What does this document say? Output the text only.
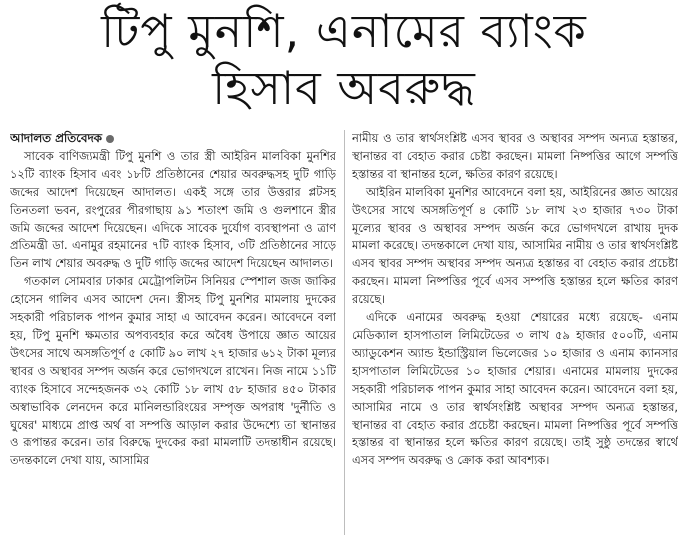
টিপু মুনশি, এনামের ব্যাংক
হিসাব অবরুদ্ধ
আদালত প্রতিবেদক

সাবেক বাণিজ্যমন্ত্রী টিপু মুনশি ও তার স্ত্রী আইরিন মালবিকা মুনশির ১২টি ব্যাংক হিসাব এবং ১৮টি প্রতিষ্ঠানের শেয়ার অবরুদ্ধসহ দুটি গাড়ি জব্দের আদেশ দিয়েছেন আদালত। একই সঙ্গে তার উত্তরার প্লটসহ তিনতলা ভবন, রংপুরের পীরগাছায় ৯১ শতাংশ জমি ও গুলশানে স্ত্রীর জমি জব্দের আদেশ দিয়েছেন। এদিকে সাবেক দুর্যোগ ব্যবস্থাপনা ও ত্রাণ প্রতিমন্ত্রী ডা. এনামুর রহমানের ৭টি ব্যাংক হিসাব, ৩টি প্রতিষ্ঠানের সাড়ে তিন লাখ শেয়ার অবরুদ্ধ ও দুটি গাড়ি জব্দের আদেশ দিয়েছেন আদালত।

গতকাল সোমবার ঢাকার মেট্রোপলিটন সিনিয়র স্পেশাল জজ জাকির হোসেন গালিব এসব আদেশ দেন। স্ত্রীসহ টিপু মুনশির মামলায় দুদকের সহকারী পরিচালক পাপন কুমার সাহা এ আবেদন করেন। আবেদনে বলা হয়, টিপু মুনশি ক্ষমতার অপব্যবহার করে অবৈধ উপায়ে জ্ঞাত আয়ের উৎসের সাথে অসঙ্গতিপূর্ণ ৫ কোটি ৯০ লাখ ২৭ হাজার ৬১২ টাকা মূল্যর স্থাবর ও অস্থাবর সম্পদ অর্জন করে ভোগদখলে রাখেন। নিজ নামে ১১টি ব্যাংক হিসাবে সন্দেহজনক ৩২ কোটি ১৮ লাখ ৫৮ হাজার ৪৫০ টাকার অস্বাভাবিক লেনদেন করে মানিলন্ডারিংয়ের সম্পৃক্ত অপরাধ 'দুর্নীতি ও ঘুষের' মাধ্যমে প্রাপ্ত অর্থ বা সম্পত্তি আড়াল করার উদ্দেশ্যে তা স্থানান্তর ও রূপান্তর করেন। তার বিরুদ্ধে দুদকের করা মামলাটি তদন্তাধীন রয়েছে। তদন্তকালে দেখা যায়, আসামির

নামীয় ও তার স্বার্থসংশ্লিষ্ট এসব স্থাবর ও অস্থাবর সম্পদ অন্যত্র হস্তান্তর, স্থানান্তর বা বেহাত করার চেষ্টা করছেন। মামলা নিষ্পত্তির আগে সম্পত্তি হস্তান্তর বা স্থানান্তর হলে, ক্ষতির কারণ রয়েছে।

আইরিন মালবিকা মুনশির আবেদনে বলা হয়, আইরিনের জ্ঞাত আয়ের উৎসের সাথে অসঙ্গতিপূর্ণ ৪ কোটি ১৮ লাখ ২৩ হাজার ৭৩০ টাকা মূল্যের স্থাবর ও অস্থাবর সম্পদ অর্জন করে ভোগদখলে রাখায় দুদক মামলা করেছে। তদন্তকালে দেখা যায়, আসামির নামীয় ও তার স্বার্থসংশ্লিষ্ট এসব স্থাবর সম্পদ অস্থাবর সম্পদ অন্যত্র হস্তান্তর বা বেহাত করার প্রচেষ্টা করছেন। মামলা নিষ্পত্তির পূর্বে এসব সম্পত্তি হস্তান্তর হলে ক্ষতির কারণ রয়েছে।

এদিকে এনামের অবরুদ্ধ হওয়া শেয়ারের মধ্যে রয়েছে- এনাম মেডিক্যাল হাসপাতাল লিমিটেডের ৩ লাখ ৫৯ হাজার ৫০০টি, এনাম অ্যাডুকেশন অ্যান্ড ইন্ডাস্ট্রিয়াল ভিলেজের ১০ হাজার ও এনাম ক্যানসার হাসপাতাল লিমিটেডের ১০ হাজার শেয়ার। এনামের মামলায় দুদকের সহকারী পরিচালক পাপন কুমার সাহা আবেদন করেন। আবেদনে বলা হয়, আসামির নামে ও তার স্বার্থসংশ্লিষ্ট অস্থাবর সম্পদ অন্যত্র হস্তান্তর, স্থানান্তর বা বেহাত করার প্রচেষ্টা করছেন। মামলা নিষ্পত্তির পূর্বে সম্পত্তি হস্তান্তর বা স্থানান্তর হলে ক্ষতির কারণ রয়েছে। তাই সুষ্ঠু তদন্তের স্বার্থে এসব সম্পদ অবরুদ্ধ ও ক্রোক করা আবশ্যক।
